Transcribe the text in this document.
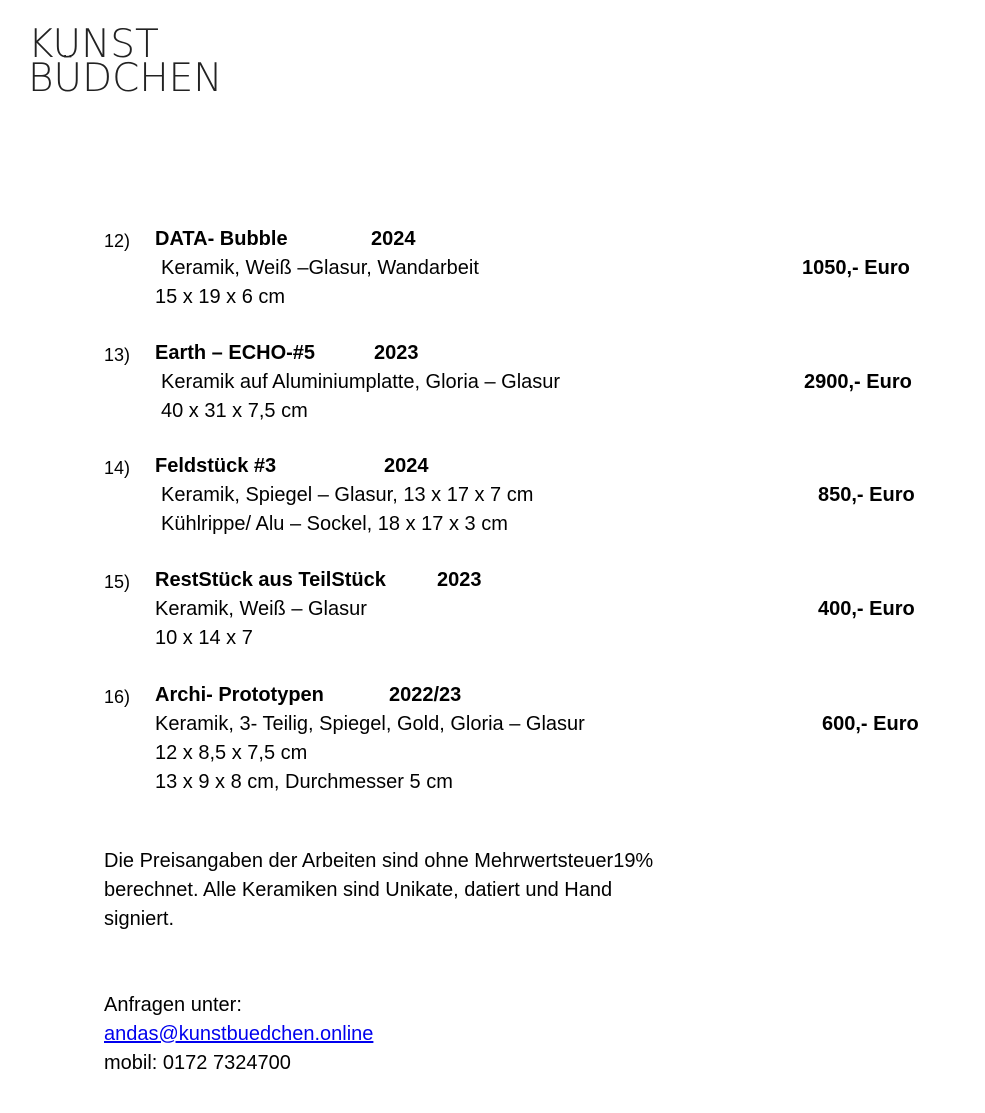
KUNST
BÜDCHEN
12) DATA- Bubble	2024
Keramik, Weiß –Glasur, Wandarbeit	1050,- Euro
15 x 19 x 6 cm
13) Earth – ECHO-#5	2023
Keramik auf Aluminiumplatte, Gloria – Glasur	2900,- Euro
40 x 31 x 7,5 cm
14) Feldstück #3	2024
Keramik, Spiegel – Glasur, 13 x 17 x 7 cm	850,- Euro
Kühlrippe/ Alu – Sockel, 18 x 17 x 3 cm
15) RestStück aus TeilStück	2023
Keramik, Weiß – Glasur	400,- Euro
10 x 14 x 7
16) Archi- Prototypen	2022/23
Keramik, 3- Teilig, Spiegel, Gold, Gloria – Glasur	600,- Euro
12 x 8,5 x 7,5 cm
13 x 9 x 8 cm, Durchmesser 5 cm
Die Preisangaben der Arbeiten sind ohne Mehrwertsteuer19%
berechnet. Alle Keramiken sind Unikate, datiert und Hand
signiert.
Anfragen unter:
andas@kunstbuedchen.online
mobil: 0172 7324700
